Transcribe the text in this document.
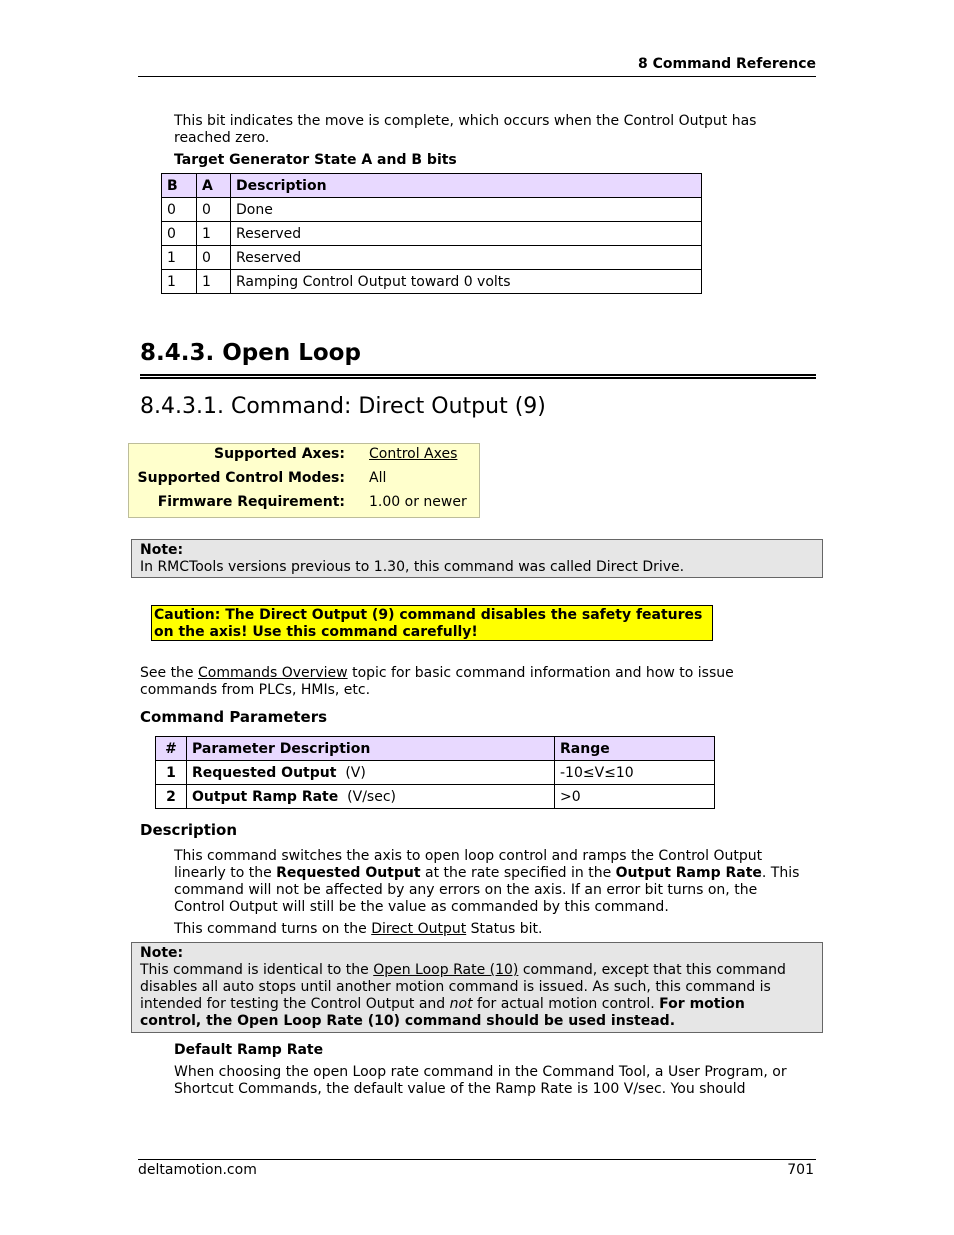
8 Command Reference
This bit indicates the move is complete, which occurs when the Control Output has reached zero.
Target Generator State A and B bits
B	A	Description
0	0	Done
0	1	Reserved
1	0	Reserved
1	1	Ramping Control Output toward 0 volts
8.4.3. Open Loop
8.4.3.1. Command: Direct Output (9)
Supported Axes: Control Axes
Supported Control Modes: All
Firmware Requirement: 1.00 or newer
Note:
In RMCTools versions previous to 1.30, this command was called Direct Drive.
Caution: The Direct Output (9) command disables the safety features
on the axis! Use this command carefully!
See the Commands Overview topic for basic command information and how to issue
commands from PLCs, HMIs, etc.
Command Parameters
#	Parameter Description	Range
1	Requested Output (V)	-10≤V≤10
2	Output Ramp Rate (V/sec)	>0
Description
This command switches the axis to open loop control and ramps the Control Output
linearly to the Requested Output at the rate specified in the Output Ramp Rate. This
command will not be affected by any errors on the axis. If an error bit turns on, the
Control Output will still be the value as commanded by this command.
This command turns on the Direct Output Status bit.
Note:
This command is identical to the Open Loop Rate (10) command, except that this command
disables all auto stops until another motion command is issued. As such, this command is
intended for testing the Control Output and not for actual motion control. For motion
control, the Open Loop Rate (10) command should be used instead.
Default Ramp Rate
When choosing the open Loop rate command in the Command Tool, a User Program, or
Shortcut Commands, the default value of the Ramp Rate is 100 V/sec. You should
deltamotion.com	701
